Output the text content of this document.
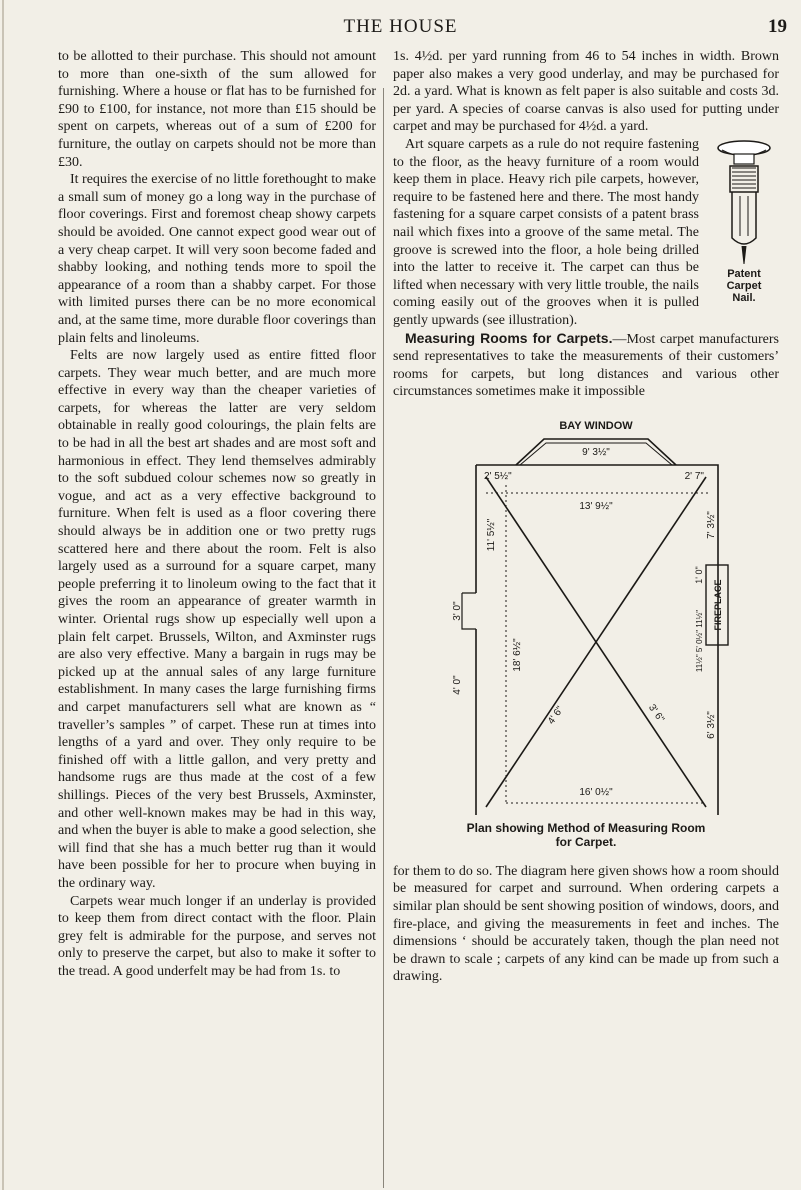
THE HOUSE	19

to be allotted to their purchase. This should not amount to more than one-sixth of the sum allowed for furnishing. Where a house or flat has to be furnished for £90 to £100, for instance, not more than £15 should be spent on carpets, whereas out of a sum of £200 for furniture, the outlay on carpets should not be more than £30.

It requires the exercise of no little forethought to make a small sum of money go a long way in the purchase of floor coverings. First and foremost cheap showy carpets should be avoided. One cannot expect good wear out of a very cheap carpet. It will very soon become faded and shabby looking, and nothing tends more to spoil the appearance of a room than a shabby carpet. For those with limited purses there can be no more economical and, at the same time, more durable floor coverings than plain felts and linoleums.

Felts are now largely used as entire fitted floor carpets. They wear much better, and are much more effective in every way than the cheaper varieties of carpets, for whereas the latter are very seldom obtainable in really good colourings, the plain felts are to be had in all the best art shades and are most soft and harmonious in effect. They lend themselves admirably to the soft subdued colour schemes now so greatly in vogue, and act as a very effective background to furniture. When felt is used as a floor covering there should always be in addition one or two pretty rugs scattered here and there about the room. Felt is also largely used as a surround for a square carpet, many people preferring it to linoleum owing to the fact that it gives the room an appearance of greater warmth in winter. Oriental rugs show up especially well upon a plain felt carpet. Brussels, Wilton, and Axminster rugs are also very effective. Many a bargain in rugs may be picked up at the annual sales of any large furniture establishment. In many cases the large furnishing firms and carpet manufacturers sell what are known as “ traveller’s samples ” of carpet. These run at times into lengths of a yard and over. They only require to be finished off with a little gallon, and very pretty and handsome rugs are thus made at the cost of a few shillings. Pieces of the very best Brussels, Axminster, and other well-known makes may be had in this way, and when the buyer is able to make a good selection, she will find that she has a much better rug than it would have been possible for her to procure when buying in the ordinary way.

Carpets wear much longer if an underlay is provided to keep them from direct contact with the floor. Plain grey felt is admirable for the purpose, and serves not only to preserve the carpet, but also to make it softer to the tread. A good underfelt may be had from 1s. to

1s. 4½d. per yard running from 46 to 54 inches in width. Brown paper also makes a very good underlay, and may be purchased for 2d. a yard. What is known as felt paper is also suitable and costs 3d. per yard. A species of coarse canvas is also used for putting under carpet and may be purchased for 4½d. a yard.

Patent
Carpet
Nail.

Art square carpets as a rule do not require fastening to the floor, as the heavy furniture of a room would keep them in place. Heavy rich pile carpets, however, require to be fastened here and there. The most handy fastening for a square carpet consists of a patent brass nail which fixes into a groove of the same metal. The groove is screwed into the floor, a hole being drilled into the latter to receive it. The carpet can thus be lifted when necessary with very little trouble, the nails coming easily out of the grooves when it is pulled gently upwards (see illustration).

Measuring Rooms for Carpets.—Most carpet manufacturers send representatives to take the measurements of their customers’ rooms for carpets, but long distances and various other circumstances sometimes make it impossible

BAY WINDOW
9' 3½"
2' 5½"	2' 7"
13' 9½"
16' 0½"
11' 5½"
18' 6½"
3' 0"
4' 0"
7' 3½"
1' 0"
11½" 5' 0½" 11½"
FIREPLACE
6' 3½"
4' 6"	3' 6"
Plan showing Method of Measuring Room
for Carpet.

for them to do so. The diagram here given shows how a room should be measured for carpet and surround. When ordering carpets a similar plan should be sent showing position of windows, doors, and fire-place, and giving the measurements in feet and inches. The dimensions ‘ should be accurately taken, though the plan need not be drawn to scale ; carpets of any kind can be made up from such a drawing.
